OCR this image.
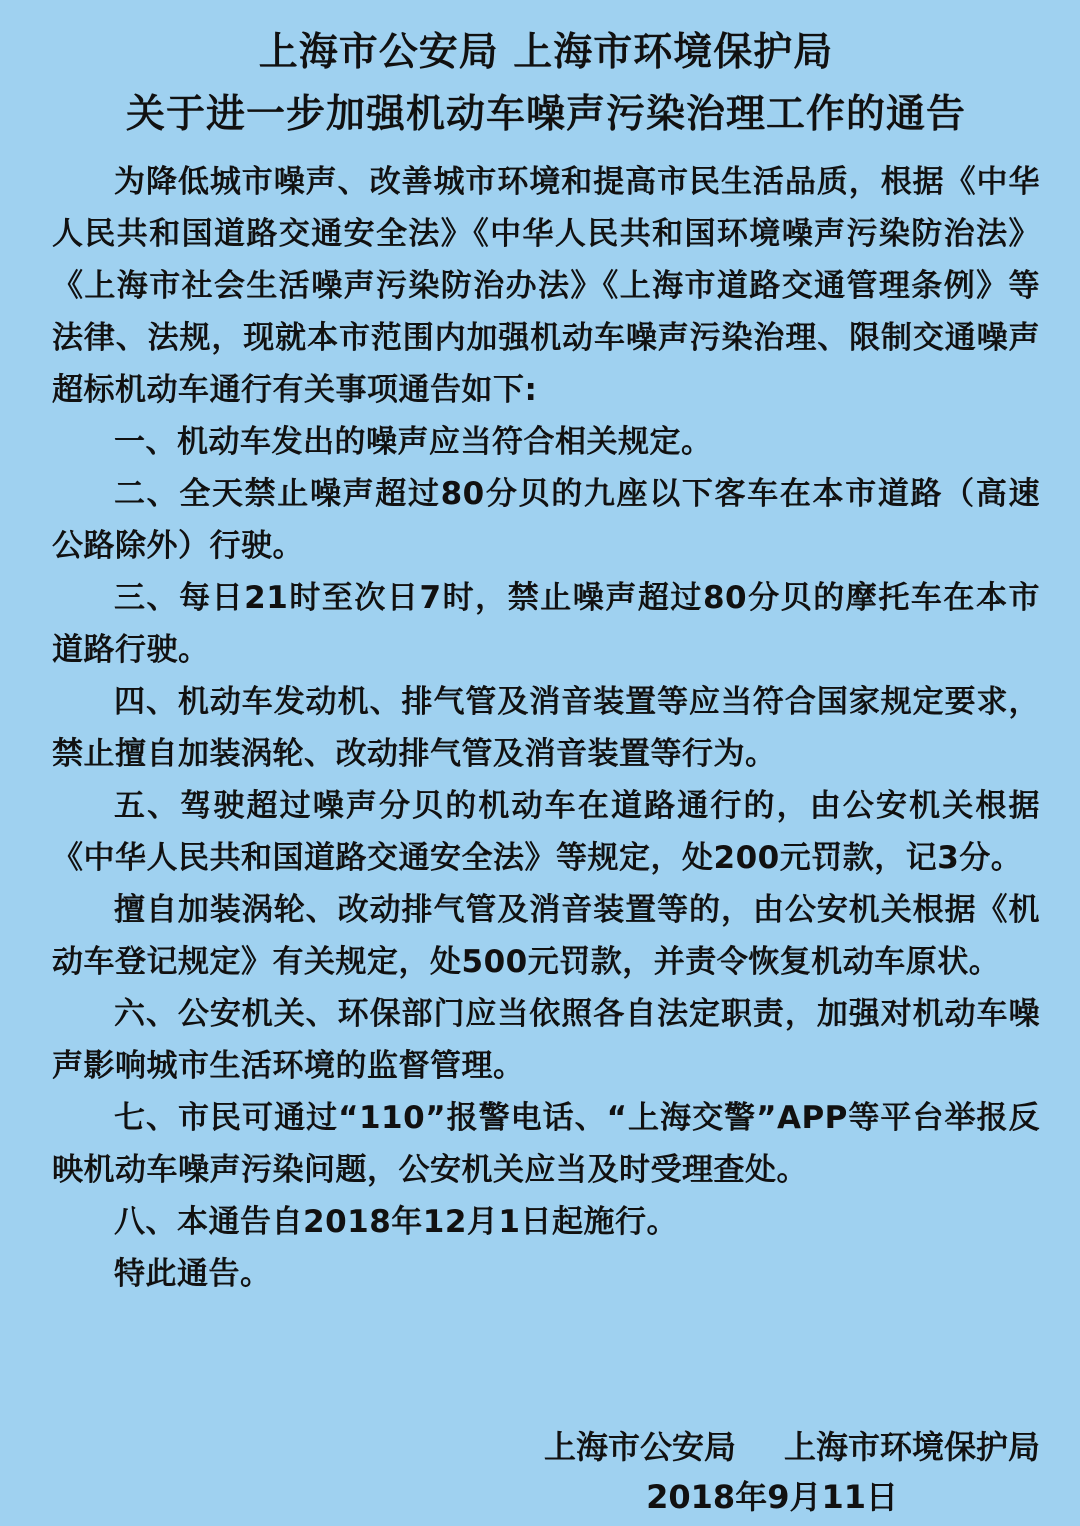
上海市公安局 上海市环境保护局
关于进一步加强机动车噪声污染治理工作的通告

为降低城市噪声、改善城市环境和提高市民生活品质，根据《中华人民共和国道路交通安全法》《中华人民共和国环境噪声污染防治法》《上海市社会生活噪声污染防治办法》《上海市道路交通管理条例》等法律、法规，现就本市范围内加强机动车噪声污染治理、限制交通噪声超标机动车通行有关事项通告如下:

一、机动车发出的噪声应当符合相关规定。

二、全天禁止噪声超过80分贝的九座以下客车在本市道路（高速公路除外）行驶。

三、每日21时至次日7时，禁止噪声超过80分贝的摩托车在本市道路行驶。

四、机动车发动机、排气管及消音装置等应当符合国家规定要求，禁止擅自加装涡轮、改动排气管及消音装置等行为。

五、驾驶超过噪声分贝的机动车在道路通行的，由公安机关根据《中华人民共和国道路交通安全法》等规定，处200元罚款，记3分。

擅自加装涡轮、改动排气管及消音装置等的，由公安机关根据《机动车登记规定》有关规定，处500元罚款，并责令恢复机动车原状。

六、公安机关、环保部门应当依照各自法定职责，加强对机动车噪声影响城市生活环境的监督管理。

七、市民可通过“110”报警电话、“上海交警”APP等平台举报反映机动车噪声污染问题，公安机关应当及时受理查处。

八、本通告自2018年12月1日起施行。

特此通告。

上海市公安局 上海市环境保护局
2018年9月11日
